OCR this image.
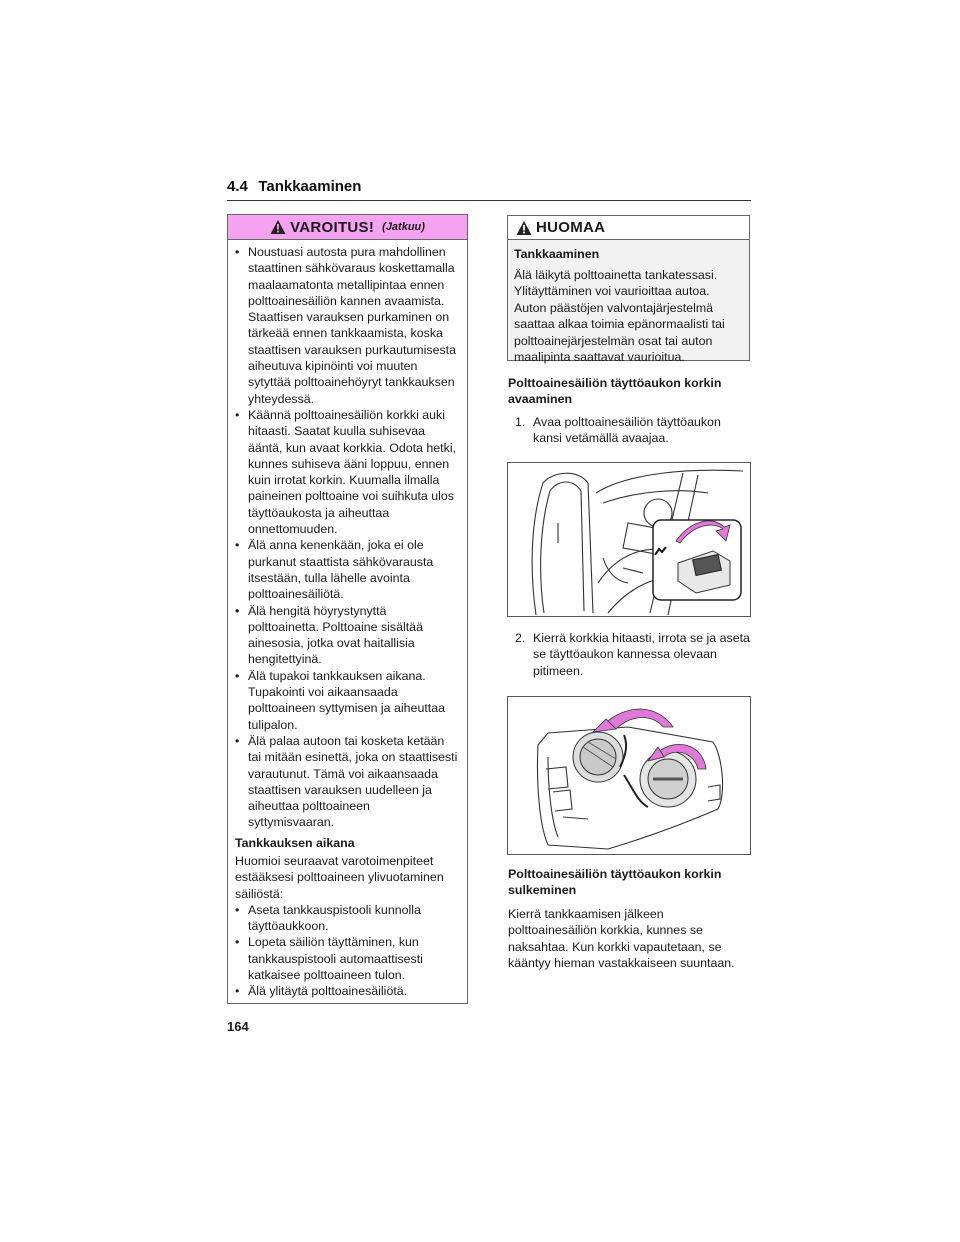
4.4 Tankkaaminen
VAROITUS! (Jatkuu)
• Noustuasi autosta pura mahdollinen staattinen sähkövaraus koskettamalla maalaamatonta metallipintaa ennen polttoainesäiliön kannen avaamista. Staattisen varauksen purkaminen on tärkeää ennen tankkaamista, koska staattisen varauksen purkautumisesta aiheutuva kipinöinti voi muuten sytyttää polttoainehöyryt tankkauksen yhteydessä.
• Käännä polttoainesäiliön korkki auki hitaasti. Saatat kuulla suhisevaa ääntä, kun avaat korkkia. Odota hetki, kunnes suhiseva ääni loppuu, ennen kuin irrotat korkin. Kuumalla ilmalla paineinen polttoaine voi suihkuta ulos täyttöaukosta ja aiheuttaa onnettomuuden.
• Älä anna kenenkään, joka ei ole purkanut staattista sähkövarausta itsestään, tulla lähelle avointa polttoainesäiliötä.
• Älä hengitä höyrystynyttä polttoainetta. Polttoaine sisältää ainesosia, jotka ovat haitallisia hengitettyinä.
• Älä tupakoi tankkauksen aikana. Tupakointi voi aikaansaada polttoaineen syttymisen ja aiheuttaa tulipalon.
• Älä palaa autoon tai kosketa ketään tai mitään esinettä, joka on staattisesti varautunut. Tämä voi aikaansaada staattisen varauksen uudelleen ja aiheuttaa polttoaineen syttymisvaaran.
Tankkauksen aikana
Huomioi seuraavat varotoimenpiteet estääksesi polttoaineen ylivuotaminen säiliöstä:
• Aseta tankkauspistooli kunnolla täyttöaukkoon.
• Lopeta säiliön täyttäminen, kun tankkauspistooli automaattisesti katkaisee polttoaineen tulon.
• Älä ylitäytä polttoainesäiliötä.
HUOMAA
Tankkaaminen
Älä läikytä polttoainetta tankatessasi. Ylitäyttäminen voi vaurioittaa autoa. Auton päästöjen valvontajärjestelmä saattaa alkaa toimia epänormaalisti tai polttoainejärjestelmän osat tai auton maalipinta saattavat vaurioitua.
Polttoainesäiliön täyttöaukon korkin avaaminen
1. Avaa polttoainesäiliön täyttöaukon kansi vetämällä avaajaa.
2. Kierrä korkkia hitaasti, irrota se ja aseta se täyttöaukon kannessa olevaan pitimeen.
Polttoainesäiliön täyttöaukon korkin sulkeminen
Kierrä tankkaamisen jälkeen polttoainesäiliön korkkia, kunnes se naksahtaa. Kun korkki vapautetaan, se kääntyy hieman vastakkaiseen suuntaan.
164
